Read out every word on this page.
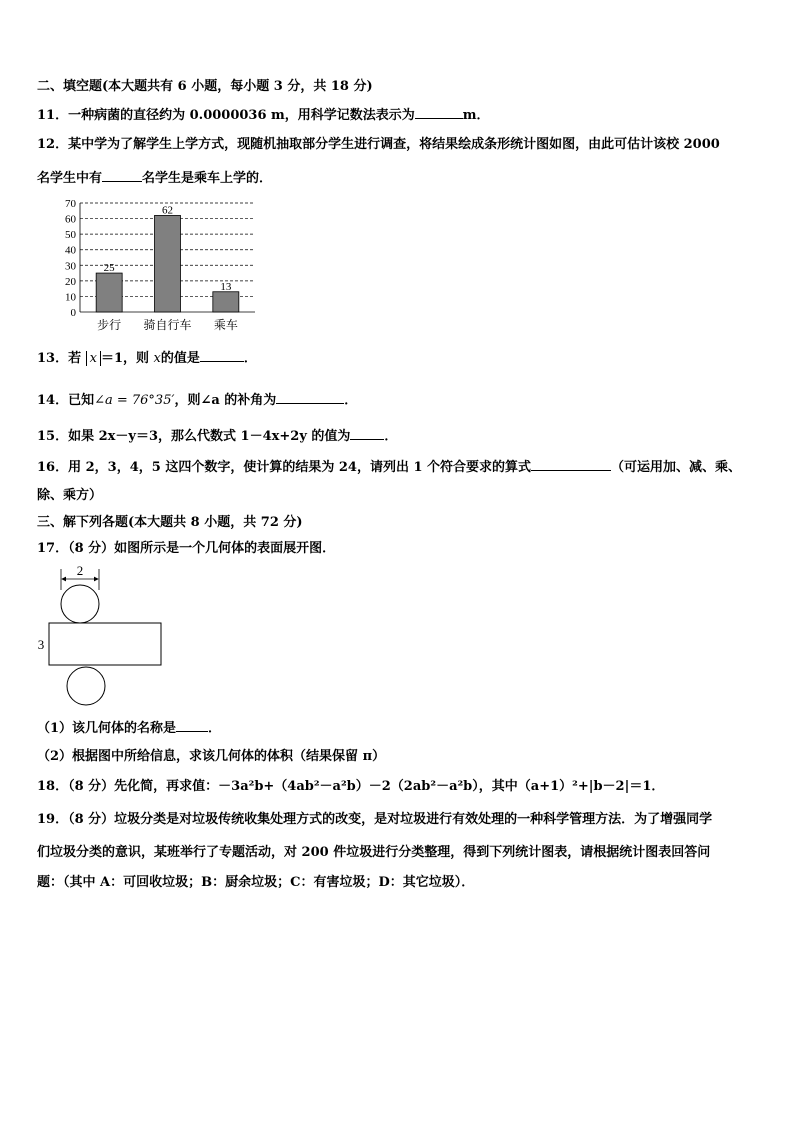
二、填空题(本大题共有 6 小题，每小题 3 分，共 18 分)
11．一种病菌的直径约为 0.0000036 m，用科学记数法表示为	m．
12．某中学为了解学生上学方式，现随机抽取部分学生进行调查，将结果绘成条形统计图如图，由此可估计该校 2000
名学生中有	名学生是乘车上学的．
0
10
20
30
40
50
60
70
25
步行
62
骑自行车
13
乘车
13．若 x ＝1，则 x的值是	．
14．已知∠a = 76°35′，则∠a 的补角为	．
15．如果 2x－y＝3，那么代数式 1－4x+2y 的值为	．
16．用 2，3，4，5 这四个数字，使计算的结果为 24，请列出 1 个符合要求的算式	（可运用加、减、乘、
除、乘方）
三、解下列各题(本大题共 8 小题，共 72 分)
17．（8 分）如图所示是一个几何体的表面展开图．
2
3
（1）该几何体的名称是 ．
（2）根据图中所给信息，求该几何体的体积（结果保留 π）
18．（8 分）先化简，再求值：－3a²b+（4ab²－a²b）－2（2ab²－a²b），其中（a+1）²+|b－2|＝1．
19．（8 分）垃圾分类是对垃圾传统收集处理方式的改变，是对垃圾进行有效处理的一种科学管理方法．为了增强同学
们垃圾分类的意识，某班举行了专题活动，对 200 件垃圾进行分类整理，得到下列统计图表，请根据统计图表回答问
题：（其中 A：可回收垃圾；B：厨余垃圾；C：有害垃圾；D：其它垃圾）．
